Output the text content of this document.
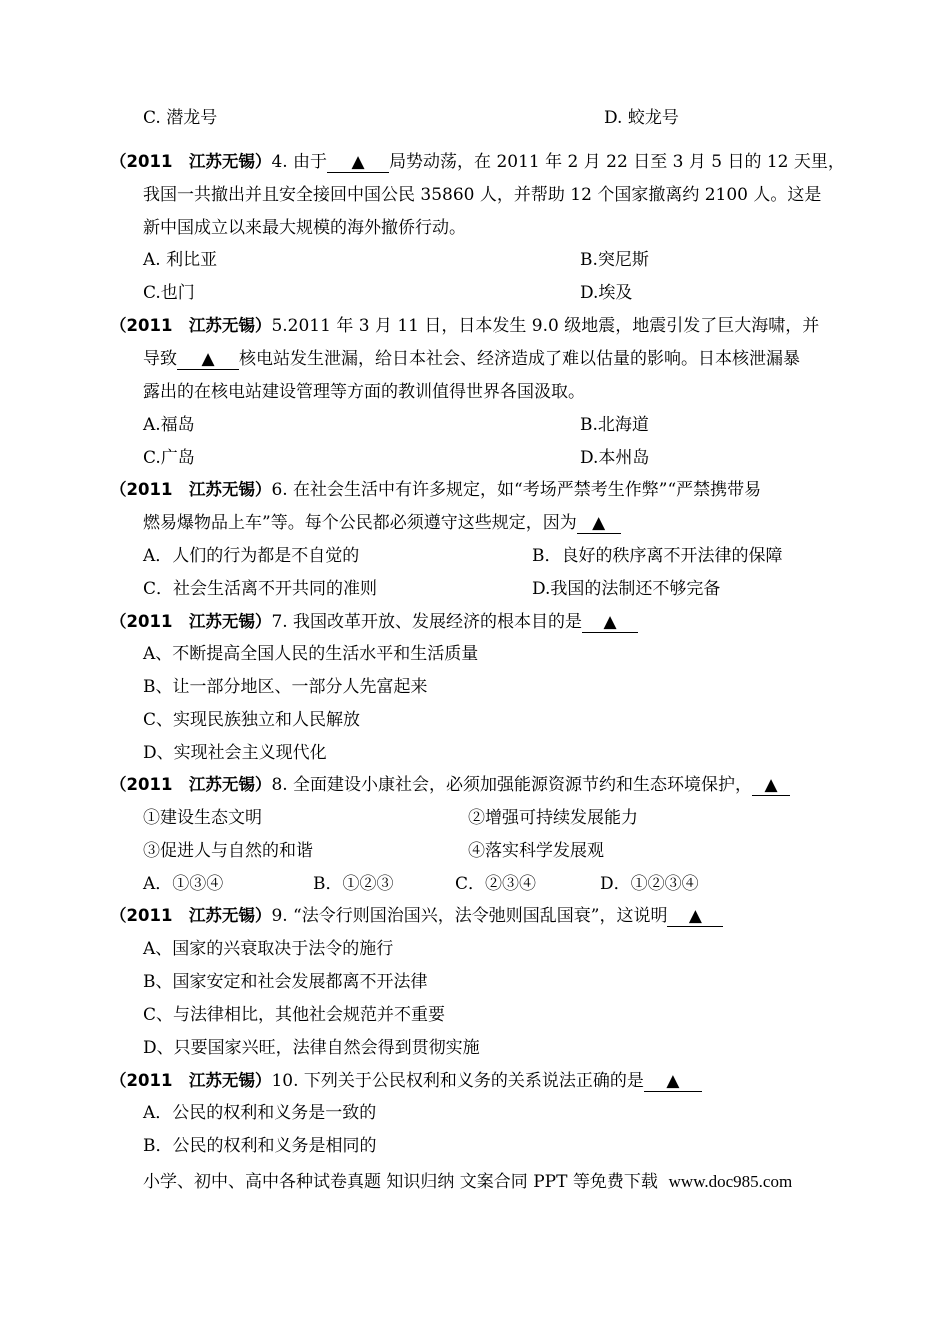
C. 潜龙号	D. 蛟龙号
（2011　江苏无锡）4. 由于 ▲ 局势动荡，在 2011 年 2 月 22 日至 3 月 5 日的 12 天里，
我国一共撤出并且安全接回中国公民 35860 人，并帮助 12 个国家撤离约 2100 人。这是
新中国成立以来最大规模的海外撤侨行动。
A. 利比亚	B.突尼斯
C.也门	D.埃及
（2011　江苏无锡）5.2011 年 3 月 11 日，日本发生 9.0 级地震，地震引发了巨大海啸，并
导致 ▲ 核电站发生泄漏，给日本社会、经济造成了难以估量的影响。日本核泄漏暴
露出的在核电站建设管理等方面的教训值得世界各国汲取。
A.福岛	B.北海道
C.广岛	D.本州岛
（2011　江苏无锡）6. 在社会生活中有许多规定，如“考场严禁考生作弊”“严禁携带易
燃易爆物品上车”等。每个公民都必须遵守这些规定，因为 ▲
A．人们的行为都是不自觉的	B．良好的秩序离不开法律的保障
C．社会生活离不开共同的准则	D.我国的法制还不够完备
（2011　江苏无锡）7. 我国改革开放、发展经济的根本目的是 ▲
A、不断提高全国人民的生活水平和生活质量
B、让一部分地区、一部分人先富起来
C、实现民族独立和人民解放
D、实现社会主义现代化
（2011　江苏无锡）8. 全面建设小康社会，必须加强能源资源节约和生态环境保护， ▲
①建设生态文明	②增强可持续发展能力
③促进人与自然的和谐	④落实科学发展观
A．①③④	B．①②③	C．②③④	D．①②③④
（2011　江苏无锡）9. “法令行则国治国兴，法令弛则国乱国衰”，这说明 ▲
A、国家的兴衰取决于法令的施行
B、国家安定和社会发展都离不开法律
C、与法律相比，其他社会规范并不重要
D、只要国家兴旺，法律自然会得到贯彻实施
（2011　江苏无锡）10. 下列关于公民权利和义务的关系说法正确的是 ▲
A．公民的权利和义务是一致的
B．公民的权利和义务是相同的
小学、初中、高中各种试卷真题 知识归纳 文案合同 PPT 等免费下载 www.doc985.com
